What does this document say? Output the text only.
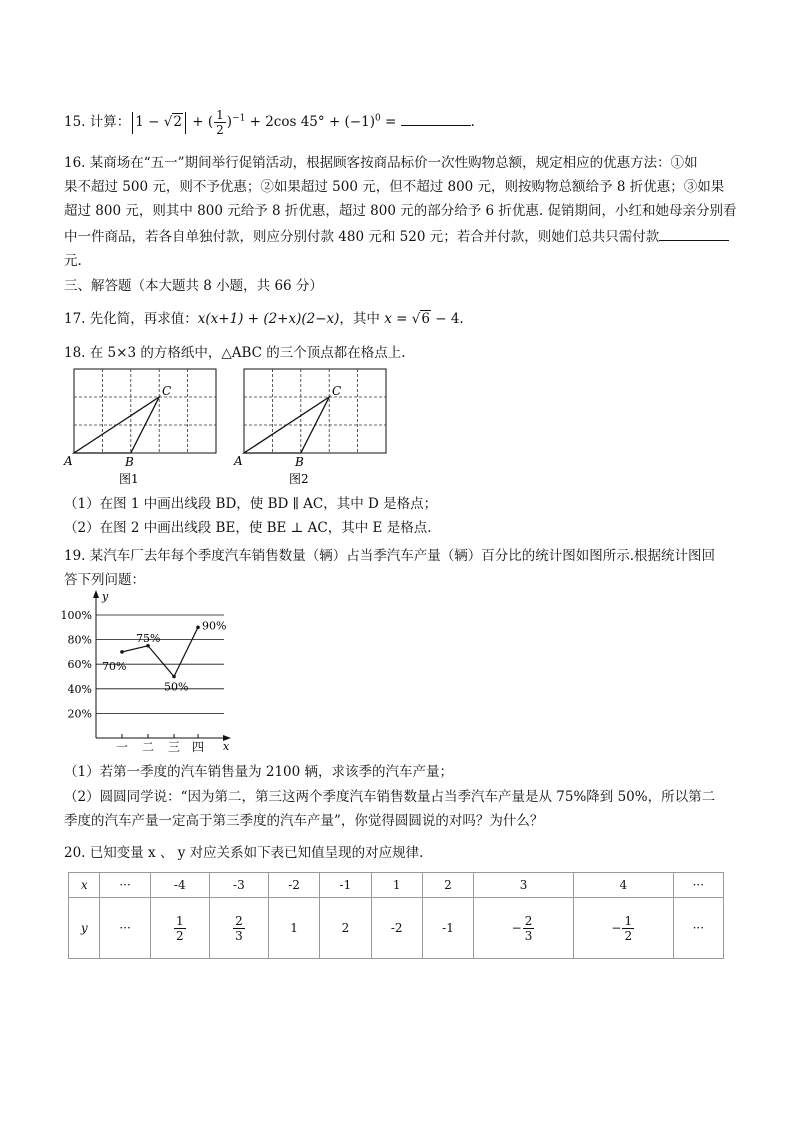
15. 计算： 1 − √2 + ( $\frac{1}{2} )^{-1} + 2\cos$ $45^\circ + (-1)^0$ =	.
16. 某商场在“五一”期间举行促销活动，根据顾客按商品标价一次性购物总额，规定相应的优惠方法：①如
果不超过 500 元，则不予优惠；②如果超过 500 元，但不超过 800 元，则按购物总额给予 8 折优惠；③如果
超过 800 元，则其中 800 元给予 8 折优惠，超过 800 元的部分给予 6 折优惠. 促销期间，小红和她母亲分别看
中一件商品，若各自单独付款，则应分别付款 480 元和 520 元；若合并付款，则她们总共只需付款
元.
三、解答题（本大题共 8 小题，共 66 分）
17. 先化简，再求值：x(x+1) + (2+x)(2−x)，其中 x = √6 − 4.
18. 在 5×3 的方格纸中，△ABC 的三个顶点都在格点上.
A	B
C
图1
A	B
C
图2
（1）在图 1 中画出线段 BD，使 BD ∥ AC，其中 D 是格点；
（2）在图 2 中画出线段 BE，使 BE ⊥ AC，其中 E 是格点.
19. 某汽车厂去年每个季度汽车销售数量（辆）占当季汽车产量（辆）百分比的统计图如图所示.根据统计图回
答下列问题：
y
x
20%
40%
60%
80%
100%
一 二 三 四
70%
75%
50%
90%
（1）若第一季度的汽车销售量为 2100 辆，求该季的汽车产量；
（2）圆圆同学说：“因为第二，第三这两个季度汽车销售数量占当季汽车产量是从 75%降到 50%，所以第二
季度的汽车产量一定高于第三季度的汽车产量”，你觉得圆圆说的对吗？为什么？
20. 已知变量 x 、 y 对应关系如下表已知值呈现的对应规律.
x	···	-4	-3	-2	-1	1	2	3	4	···
y	···	$\frac{1}{2}$	$\frac{2}{3}$	1	2	-2	-1	− $\frac{2}{3}$	− $\frac{1}{2}$	···
